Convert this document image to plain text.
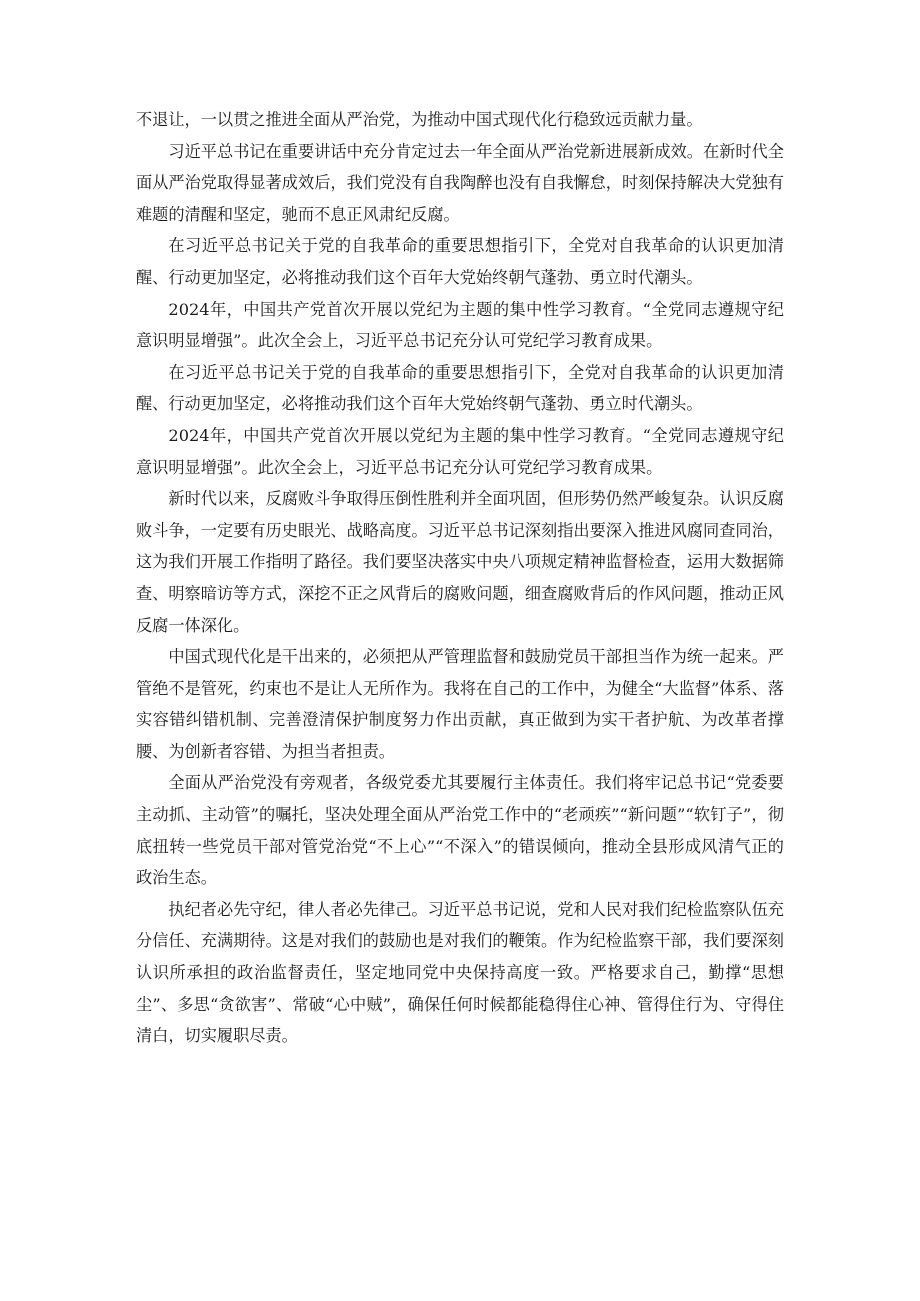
不退让，一以贯之推进全面从严治党，为推动中国式现代化行稳致远贡献力量。

习近平总书记在重要讲话中充分肯定过去一年全面从严治党新进展新成效。在新时代全面从严治党取得显著成效后，我们党没有自我陶醉也没有自我懈怠，时刻保持解决大党独有难题的清醒和坚定，驰而不息正风肃纪反腐。

在习近平总书记关于党的自我革命的重要思想指引下，全党对自我革命的认识更加清醒、行动更加坚定，必将推动我们这个百年大党始终朝气蓬勃、勇立时代潮头。

2024年，中国共产党首次开展以党纪为主题的集中性学习教育。“全党同志遵规守纪意识明显增强”。此次全会上，习近平总书记充分认可党纪学习教育成果。

在习近平总书记关于党的自我革命的重要思想指引下，全党对自我革命的认识更加清醒、行动更加坚定，必将推动我们这个百年大党始终朝气蓬勃、勇立时代潮头。

2024年，中国共产党首次开展以党纪为主题的集中性学习教育。“全党同志遵规守纪意识明显增强”。此次全会上，习近平总书记充分认可党纪学习教育成果。

新时代以来，反腐败斗争取得压倒性胜利并全面巩固，但形势仍然严峻复杂。认识反腐败斗争，一定要有历史眼光、战略高度。习近平总书记深刻指出要深入推进风腐同查同治，这为我们开展工作指明了路径。我们要坚决落实中央八项规定精神监督检查，运用大数据筛查、明察暗访等方式，深挖不正之风背后的腐败问题，细查腐败背后的作风问题，推动正风反腐一体深化。

中国式现代化是干出来的，必须把从严管理监督和鼓励党员干部担当作为统一起来。严管绝不是管死，约束也不是让人无所作为。我将在自己的工作中，为健全“大监督”体系、落实容错纠错机制、完善澄清保护制度努力作出贡献，真正做到为实干者护航、为改革者撑腰、为创新者容错、为担当者担责。

全面从严治党没有旁观者，各级党委尤其要履行主体责任。我们将牢记总书记“党委要主动抓、主动管”的嘱托，坚决处理全面从严治党工作中的“老顽疾”“新问题”“软钉子”，彻底扭转一些党员干部对管党治党“不上心”“不深入”的错误倾向，推动全县形成风清气正的政治生态。

执纪者必先守纪，律人者必先律己。习近平总书记说，党和人民对我们纪检监察队伍充分信任、充满期待。这是对我们的鼓励也是对我们的鞭策。作为纪检监察干部，我们要深刻认识所承担的政治监督责任，坚定地同党中央保持高度一致。严格要求自己，勤撑“思想尘”、多思“贪欲害”、常破“心中贼”，确保任何时候都能稳得住心神、管得住行为、守得住清白，切实履职尽责。
